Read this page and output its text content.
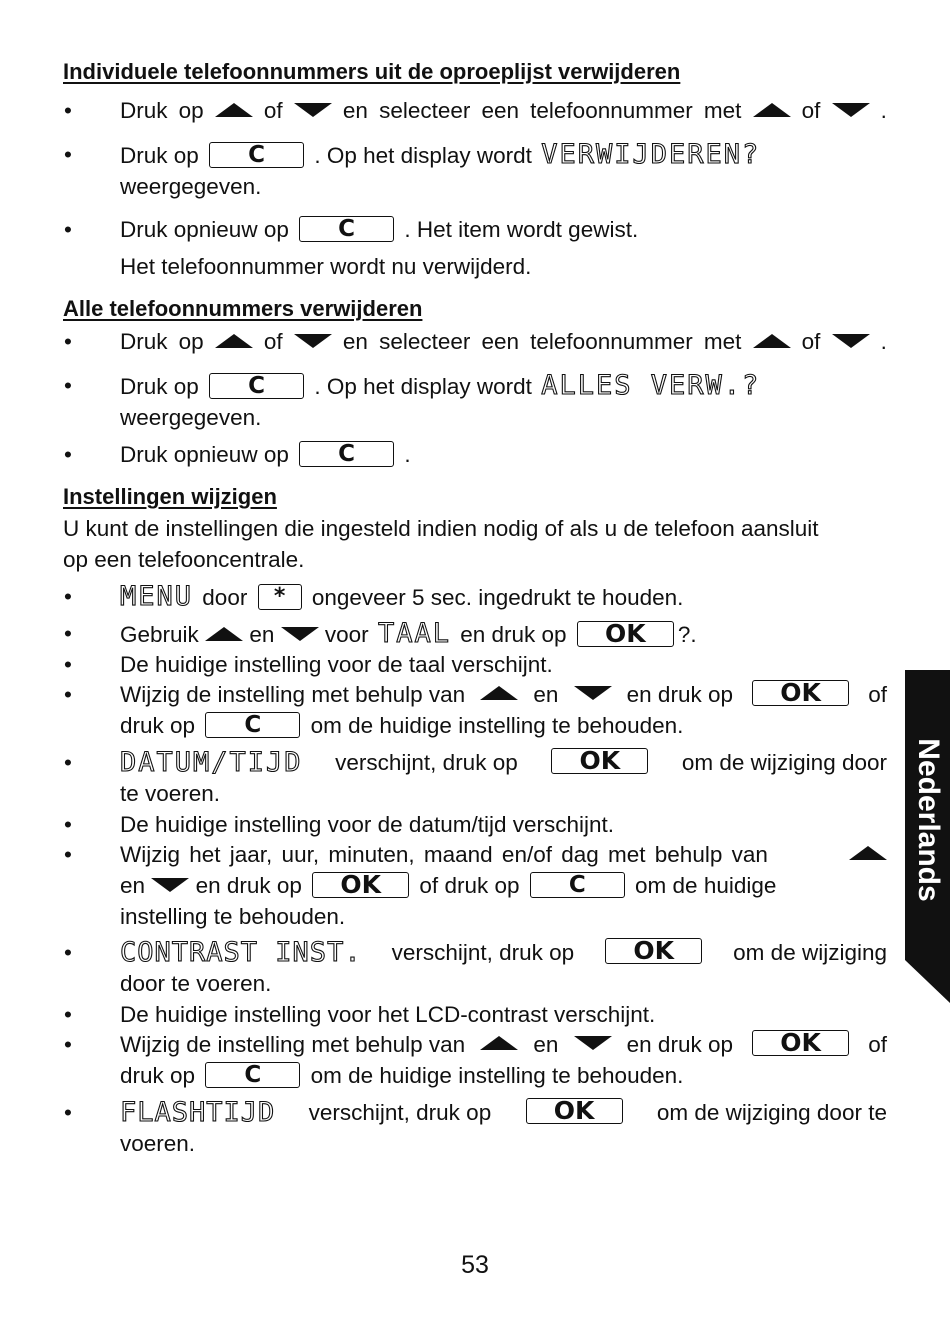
Individuele telefoonnummers uit de oproeplijst verwijderen
• Druk op	of	en selecteer een telefoonnummer met	of	.
• Druk op C . Op het display wordt VERWIJDEREN?
weergegeven.
• Druk opnieuw op C . Het item wordt gewist.
Het telefoonnummer wordt nu verwijderd.
Alle telefoonnummers verwijderen
• Druk op	of	en selecteer een telefoonnummer met	of	.
• Druk op C . Op het display wordt ALLES VERW.?
weergegeven.
• Druk opnieuw op C .
Instellingen wijzigen
U kunt de instellingen die ingesteld indien nodig of als u de telefoon aansluit
op een telefooncentrale.
• MENU door * ongeveer 5 sec. ingedrukt te houden.
• Gebruik en voor TAAL en druk op OK ?.
• De huidige instelling voor de taal verschijnt.
• Wijzig de instelling met behulp van	en	en druk op	OK	of
druk op C om de huidige instelling te behouden.
• DATUM/TIJD verschijnt, druk op	OK	om de wijziging door
te voeren.
• De huidige instelling voor de datum/tijd verschijnt.
• Wijzig het jaar, uur, minuten, maand en/of dag met behulp van
en en druk op OK of druk op C om de huidige
instelling te behouden.
• CONTRAST INST. verschijnt, druk op	OK	om de wijziging
door te voeren.
• De huidige instelling voor het LCD-contrast verschijnt.
• Wijzig de instelling met behulp van	en	en druk op	OK	of
druk op C om de huidige instelling te behouden.
• FLASHTIJD verschijnt, druk op	OK	om de wijziging door te
voeren.
Nederlands
53
